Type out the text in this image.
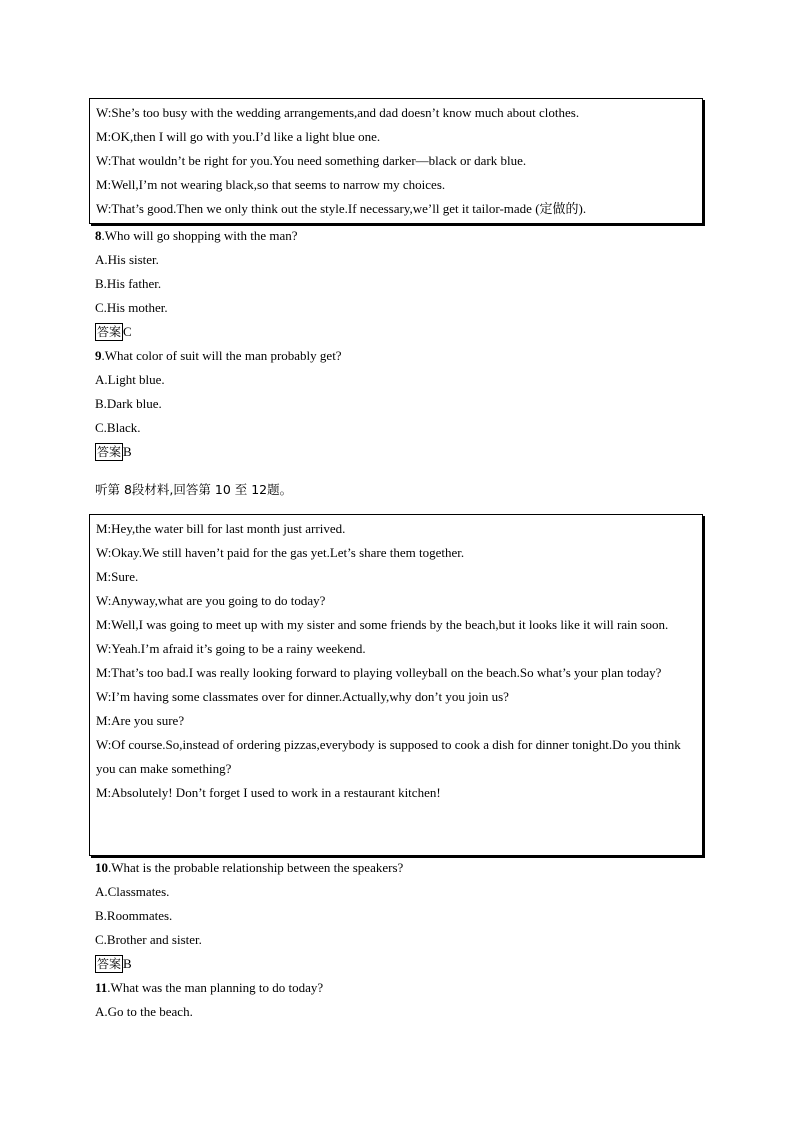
W:She’s too busy with the wedding arrangements,and dad doesn’t know much about clothes.
M:OK,then I will go with you.I’d like a light blue one.
W:That wouldn’t be right for you.You need something darker—black or dark blue.
M:Well,I’m not wearing black,so that seems to narrow my choices.
W:That’s good.Then we only think out the style.If necessary,we’ll get it tailor-made (定做的).
8.Who will go shopping with the man?
A.His sister.
B.His father.
C.His mother.
答案 C
9.What color of suit will the man probably get?
A.Light blue.
B.Dark blue.
C.Black.
答案 B
听第 8段材料,回答第 10 至 12题。
M:Hey,the water bill for last month just arrived.
W:Okay.We still haven’t paid for the gas yet.Let’s share them together.
M:Sure.
W:Anyway,what are you going to do today?
M:Well,I was going to meet up with my sister and some friends by the beach,but it looks like it will rain soon.
W:Yeah.I’m afraid it’s going to be a rainy weekend.
M:That’s too bad.I was really looking forward to playing volleyball on the beach.So what’s your plan today?
W:I’m having some classmates over for dinner.Actually,why don’t you join us?
M:Are you sure?
W:Of course.So,instead of ordering pizzas,everybody is supposed to cook a dish for dinner tonight.Do you think you can make something?
M:Absolutely! Don’t forget I used to work in a restaurant kitchen!
10.What is the probable relationship between the speakers?
A.Classmates.
B.Roommates.
C.Brother and sister.
答案 B
11.What was the man planning to do today?
A.Go to the beach.
